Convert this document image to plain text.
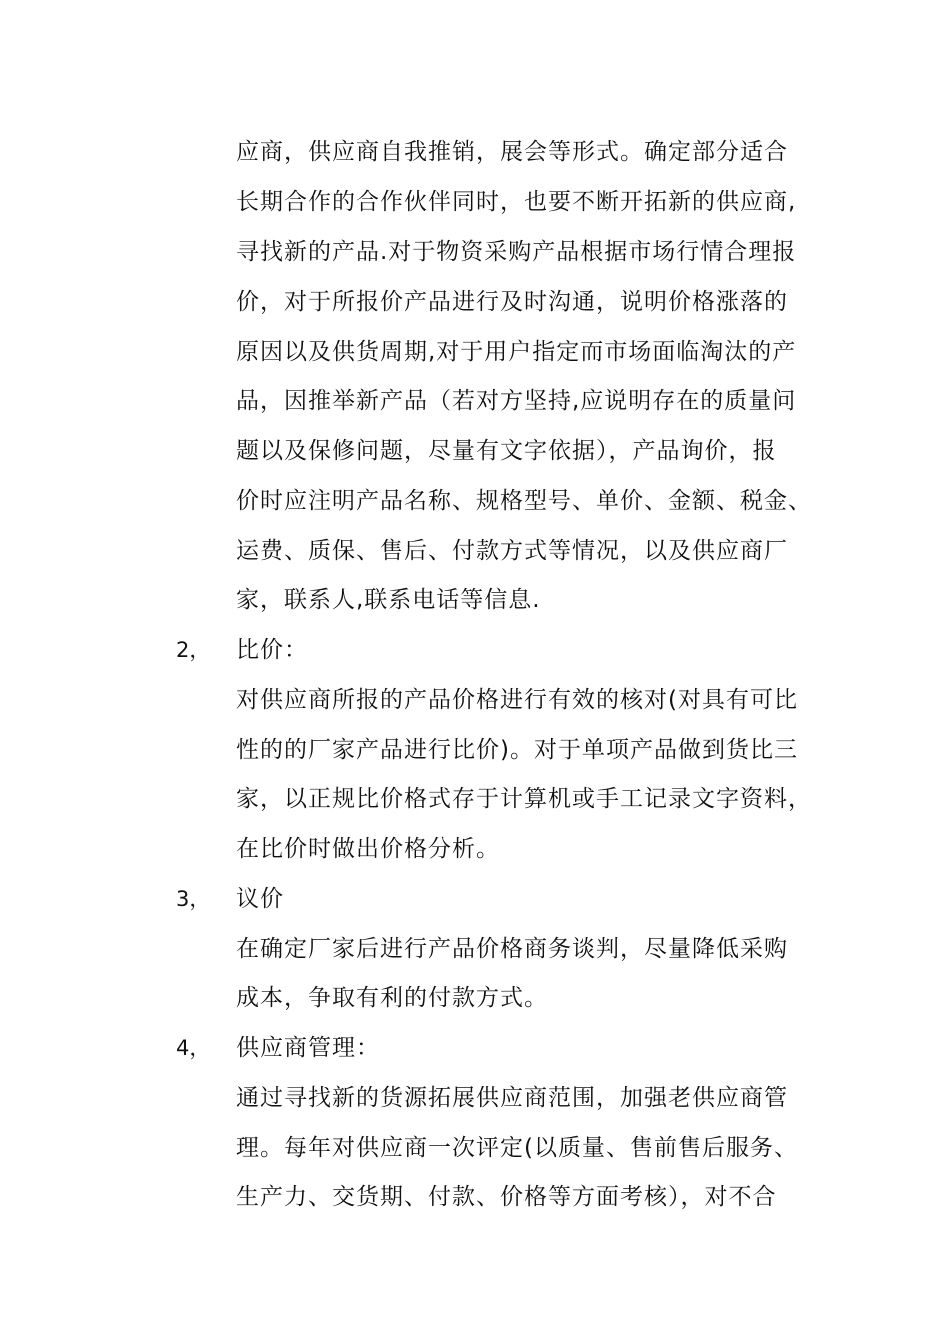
应商，供应商自我推销，展会等形式。确定部分适合
长期合作的合作伙伴同时，也要不断开拓新的供应商,
寻找新的产品.对于物资采购产品根据市场行情合理报
价，对于所报价产品进行及时沟通，说明价格涨落的
原因以及供货周期,对于用户指定而市场面临淘汰的产
品，因推举新产品（若对方坚持,应说明存在的质量问
题以及保修问题，尽量有文字依据），产品询价，报
价时应注明产品名称、规格型号、单价、金额、税金、
运费、质保、售后、付款方式等情况，以及供应商厂
家，联系人,联系电话等信息.
2， 比价：
对供应商所报的产品价格进行有效的核对(对具有可比
性的的厂家产品进行比价)。对于单项产品做到货比三
家，以正规比价格式存于计算机或手工记录文字资料，
在比价时做出价格分析。
3， 议价
在确定厂家后进行产品价格商务谈判，尽量降低采购
成本，争取有利的付款方式。
4， 供应商管理：
通过寻找新的货源拓展供应商范围，加强老供应商管
理。每年对供应商一次评定(以质量、售前售后服务、
生产力、交货期、付款、价格等方面考核），对不合
